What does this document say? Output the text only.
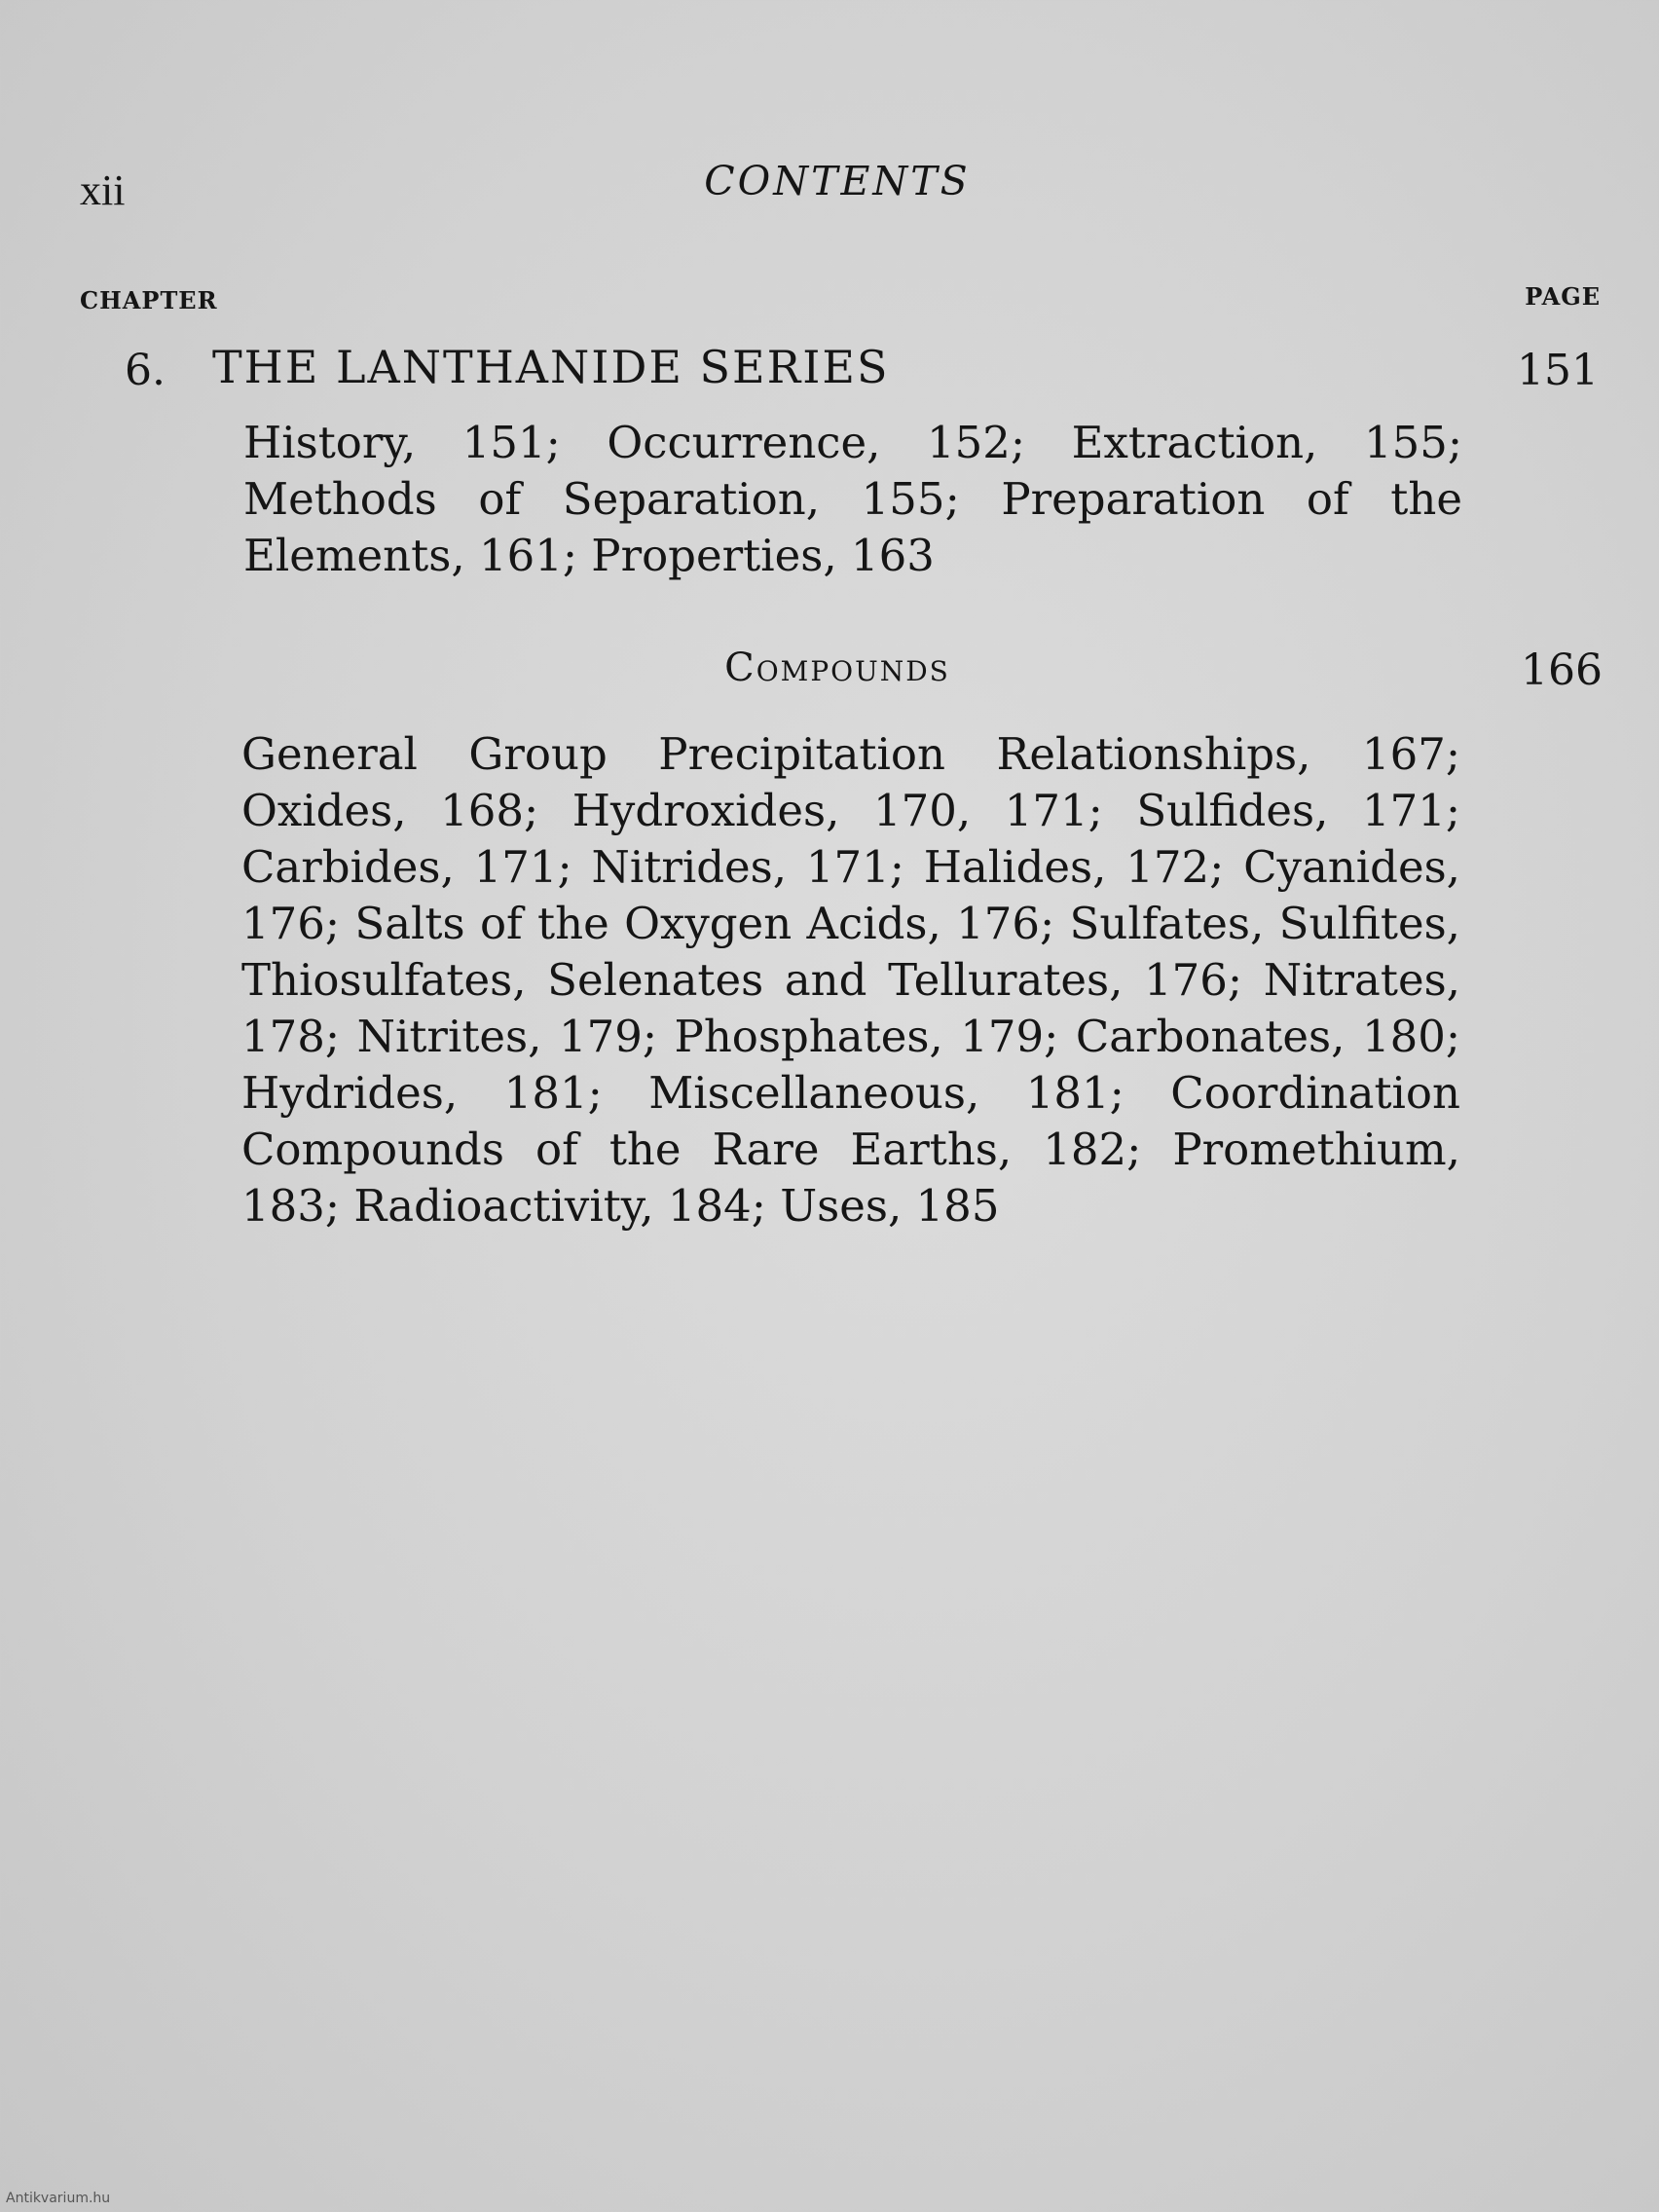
xii	CONTENTS
CHAPTER	PAGE
6. THE LANTHANIDE SERIES	151
History, 151; Occurrence, 152; Extraction, 155; Methods of Separation, 155; Preparation of the Elements, 161; Properties, 163
Compounds	166
General Group Precipitation Relationships, 167; Oxides, 168; Hydroxides, 170, 171; Sulfides, 171; Carbides, 171; Nitrides, 171; Halides, 172; Cyanides, 176; Salts of the Oxygen Acids, 176; Sulfates, Sulfites, Thiosulfates, Selenates and Tellurates, 176; Nitrates, 178; Nitrites, 179; Phosphates, 179; Carbonates, 180; Hydrides, 181; Miscellaneous, 181; Coordination Compounds of the Rare Earths, 182; Promethium, 183; Radioactivity, 184; Uses, 185
Antikvarium.hu
